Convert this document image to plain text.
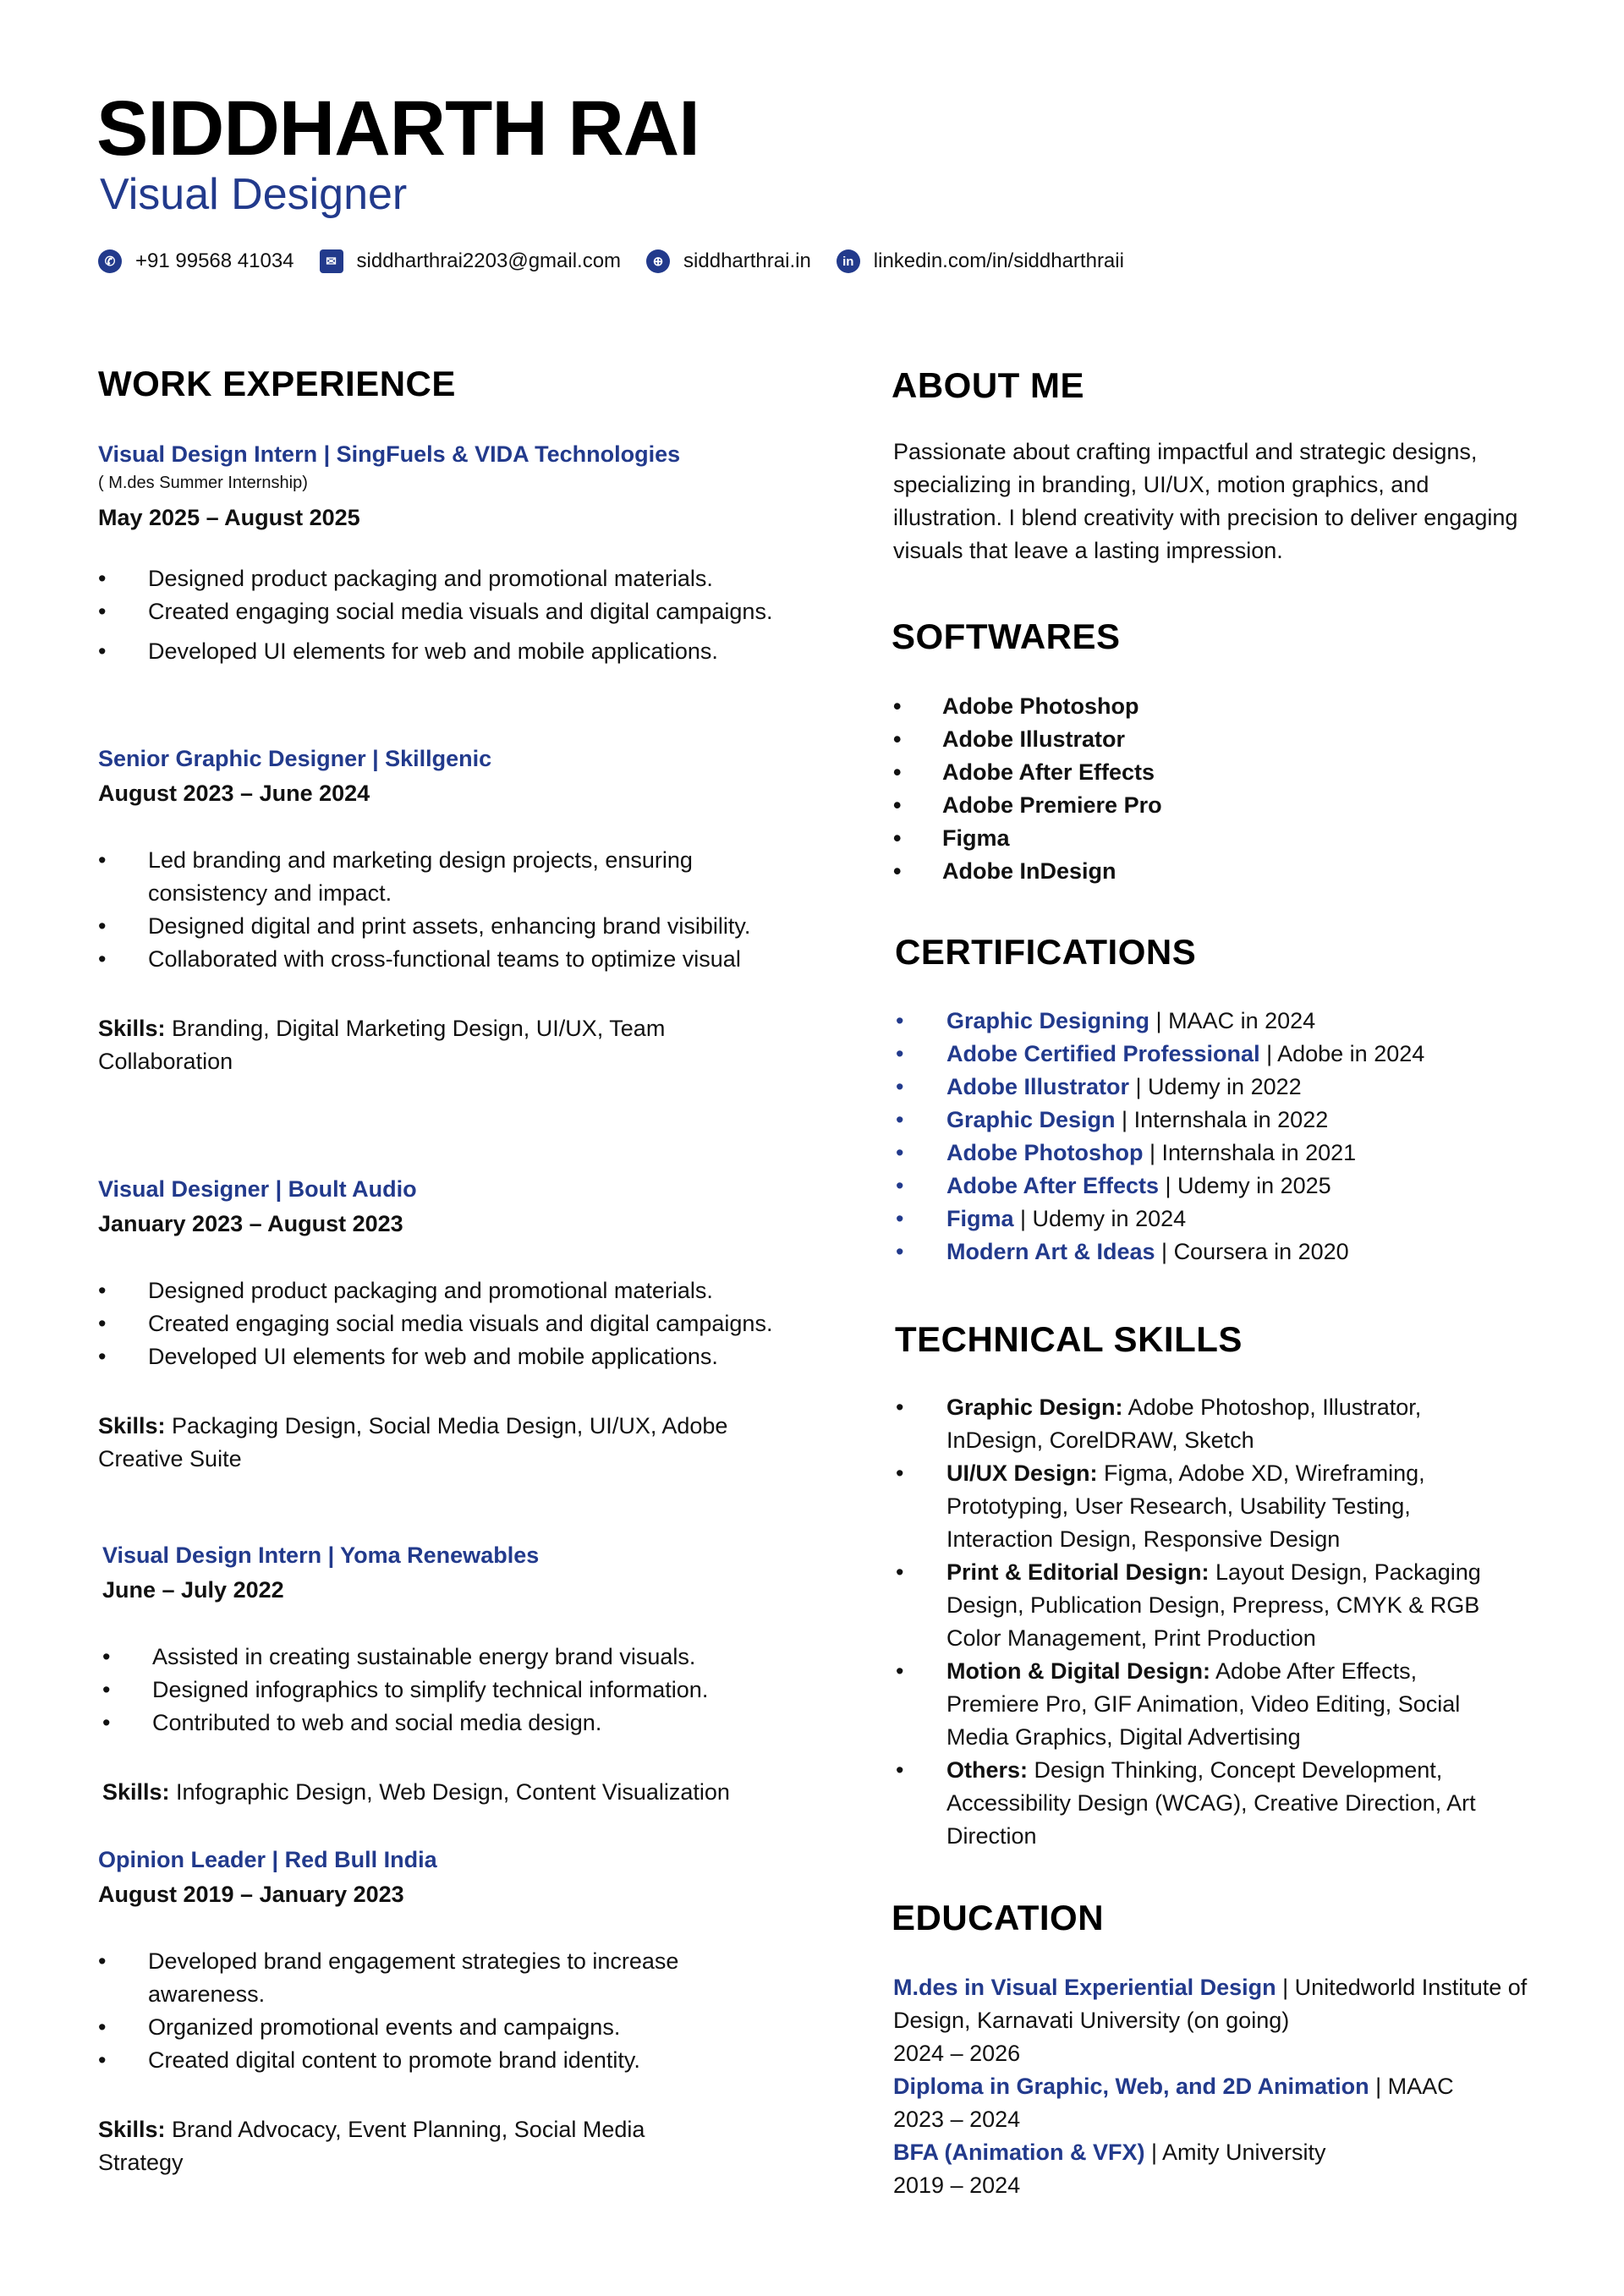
SIDDHARTH RAI
Visual Designer
✆ +91 99568 41034	✉ siddharthrai2203@gmail.com	⊕ siddharthrai.in	in linkedin.com/in/siddharthraii
WORK EXPERIENCE
Visual Design Intern | SingFuels & VIDA Technologies
( M.des Summer Internship)
May 2025 – August 2025
• Designed product packaging and promotional materials.
• Created engaging social media visuals and digital campaigns.
• Developed UI elements for web and mobile applications.
Senior Graphic Designer | Skillgenic
August 2023 – June 2024
• Led branding and marketing design projects, ensuring consistency and impact.
• Designed digital and print assets, enhancing brand visibility.
• Collaborated with cross-functional teams to optimize visual
Skills: Branding, Digital Marketing Design, UI/UX, Team Collaboration
Visual Designer | Boult Audio
January 2023 – August 2023
• Designed product packaging and promotional materials.
• Created engaging social media visuals and digital campaigns.
• Developed UI elements for web and mobile applications.
Skills: Packaging Design, Social Media Design, UI/UX, Adobe Creative Suite
Visual Design Intern | Yoma Renewables
June – July 2022
• Assisted in creating sustainable energy brand visuals.
• Designed infographics to simplify technical information.
• Contributed to web and social media design.
Skills: Infographic Design, Web Design, Content Visualization
Opinion Leader | Red Bull India
August 2019 – January 2023
• Developed brand engagement strategies to increase awareness.
• Organized promotional events and campaigns.
• Created digital content to promote brand identity.
Skills: Brand Advocacy, Event Planning, Social Media Strategy
ABOUT ME
Passionate about crafting impactful and strategic designs, specializing in branding, UI/UX, motion graphics, and illustration. I blend creativity with precision to deliver engaging visuals that leave a lasting impression.
SOFTWARES
• Adobe Photoshop
• Adobe Illustrator
• Adobe After Effects
• Adobe Premiere Pro
• Figma
• Adobe InDesign
CERTIFICATIONS
• Graphic Designing | MAAC in 2024
• Adobe Certified Professional | Adobe in 2024
• Adobe Illustrator | Udemy in 2022
• Graphic Design | Internshala in 2022
• Adobe Photoshop | Internshala in 2021
• Adobe After Effects | Udemy in 2025
• Figma | Udemy in 2024
• Modern Art & Ideas | Coursera in 2020
TECHNICAL SKILLS
• Graphic Design: Adobe Photoshop, Illustrator, InDesign, CorelDRAW, Sketch
• UI/UX Design: Figma, Adobe XD, Wireframing, Prototyping, User Research, Usability Testing, Interaction Design, Responsive Design
• Print & Editorial Design: Layout Design, Packaging Design, Publication Design, Prepress, CMYK & RGB Color Management, Print Production
• Motion & Digital Design: Adobe After Effects, Premiere Pro, GIF Animation, Video Editing, Social Media Graphics, Digital Advertising
• Others: Design Thinking, Concept Development, Accessibility Design (WCAG), Creative Direction, Art Direction
EDUCATION
M.des in Visual Experiential Design | Unitedworld Institute of Design, Karnavati University (on going)
2024 – 2026
Diploma in Graphic, Web, and 2D Animation | MAAC
2023 – 2024
BFA (Animation & VFX) | Amity University
2019 – 2024
